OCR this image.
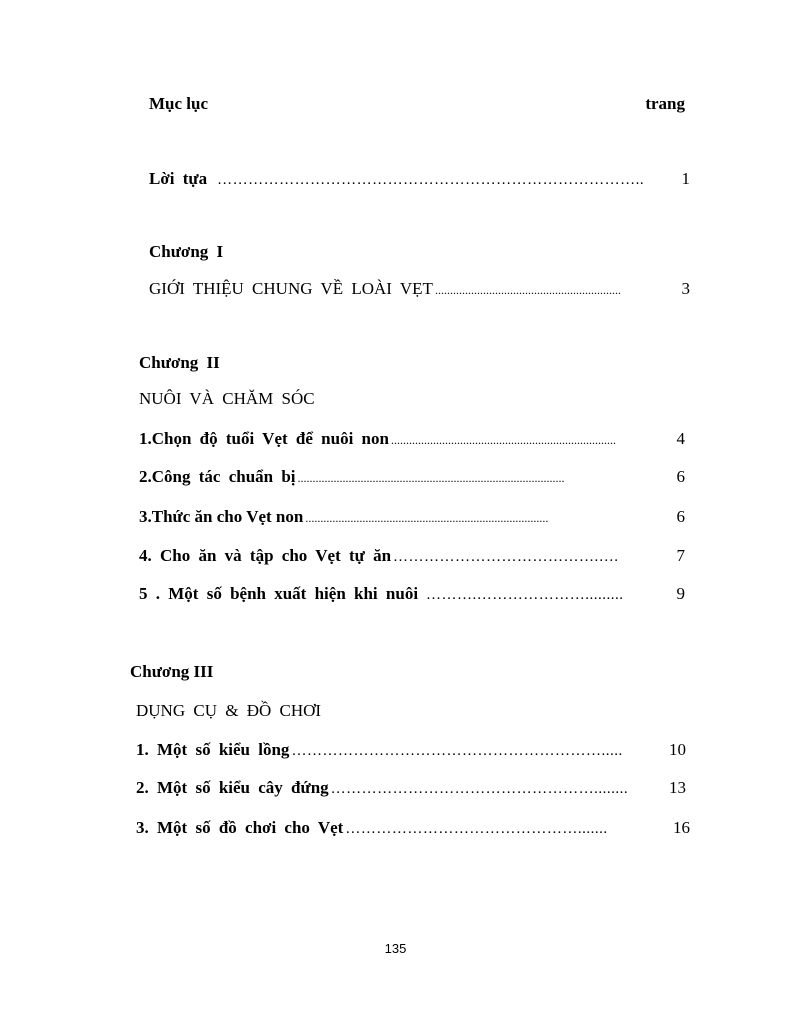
Mục lục	trang
Lời tựa ………………………………………………………………………..	1
Chương I
GIỚI THIỆU CHUNG VỀ LOÀI VẸT ..............................................................	3
Chương II
NUÔI VÀ CHĂM SÓC
1.Chọn độ tuổi Vẹt để nuôi non ...........................................................................	4
2.Công tác chuẩn bị .........................................................................................	6
3.Thức ăn cho Vẹt non .................................................................................	6
4. Cho ăn và tập cho Vẹt tự ăn ………………………………….….	7
5 . Một số bệnh xuất hiện khi nuôi ……….………………….........	9
Chương III
DỤNG CỤ & ĐỒ CHƠI
1. Một số kiểu lồng …………………………………………………….....	10
2. Một số kiểu cây đứng ……………………………………………........	13
3. Một số đồ chơi cho Vẹt ……………………………………….......	16
135
